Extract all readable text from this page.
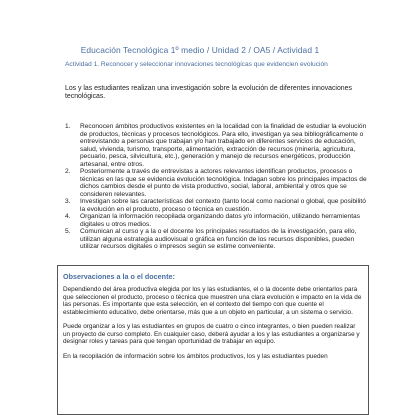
Educación Tecnológica 1º medio / Unidad 2 / OA5 / Actividad 1
Actividad 1. Reconocer y seleccionar innovaciones tecnológicas que evidencien evolución
Los y las estudiantes realizan una investigación sobre la evolución de diferentes innovaciones tecnológicas.
1. Reconocen ámbitos productivos existentes en la localidad con la finalidad de estudiar la evolución de productos, técnicas y procesos tecnológicos. Para ello, investigan ya sea bibliográficamente o entrevistando a personas que trabajan y/o han trabajado en diferentes servicios de educación, salud, vivienda, turismo, transporte, alimentación, extracción de recursos (minería, agricultura, pecuario, pesca, silvicultura, etc.), generación y manejo de recursos energéticos, producción artesanal, entre otros.
2. Posteriormente a través de entrevistas a actores relevantes identifican productos, procesos o técnicas en las que se evidencia evolución tecnológica. Indagan sobre los principales impactos de dichos cambios desde el punto de vista productivo, social, laboral, ambiental y otros que se consideren relevantes.
3. Investigan sobre las características del contexto (tanto local como nacional o global, que posibilitó la evolución en el producto, proceso o técnica en cuestión.
4. Organizan la información recopilada organizando datos y/o información, utilizando herramientas digitales u otros medios.
5. Comunican al curso y a la o el docente los principales resultados de la investigación, para ello, utilizan alguna estrategia audiovisual o gráfica en función de los recursos disponibles, pueden utilizar recursos digitales o impresos según se estime conveniente.
Observaciones a la o el docente:

Dependiendo del área productiva elegida por los y las estudiantes, el o la docente debe orientarlos para que seleccionen el producto, proceso o técnica que muestren una clara evolución e impacto en la vida de las personas. Es importante que esta selección, en el contexto del tiempo con que cuente el establecimiento educativo, debe orientarse, más que a un objeto en particular, a un sistema o servicio.

Puede organizar a los y las estudiantes en grupos de cuatro o cinco integrantes, o bien pueden realizar un proyecto de curso completo. En cualquier caso, deberá ayudar a los y las estudiantes a organizarse y designar roles y tareas para que tengan oportunidad de trabajar en equipo.

En la recopilación de información sobre los ámbitos productivos, los y las estudiantes pueden
